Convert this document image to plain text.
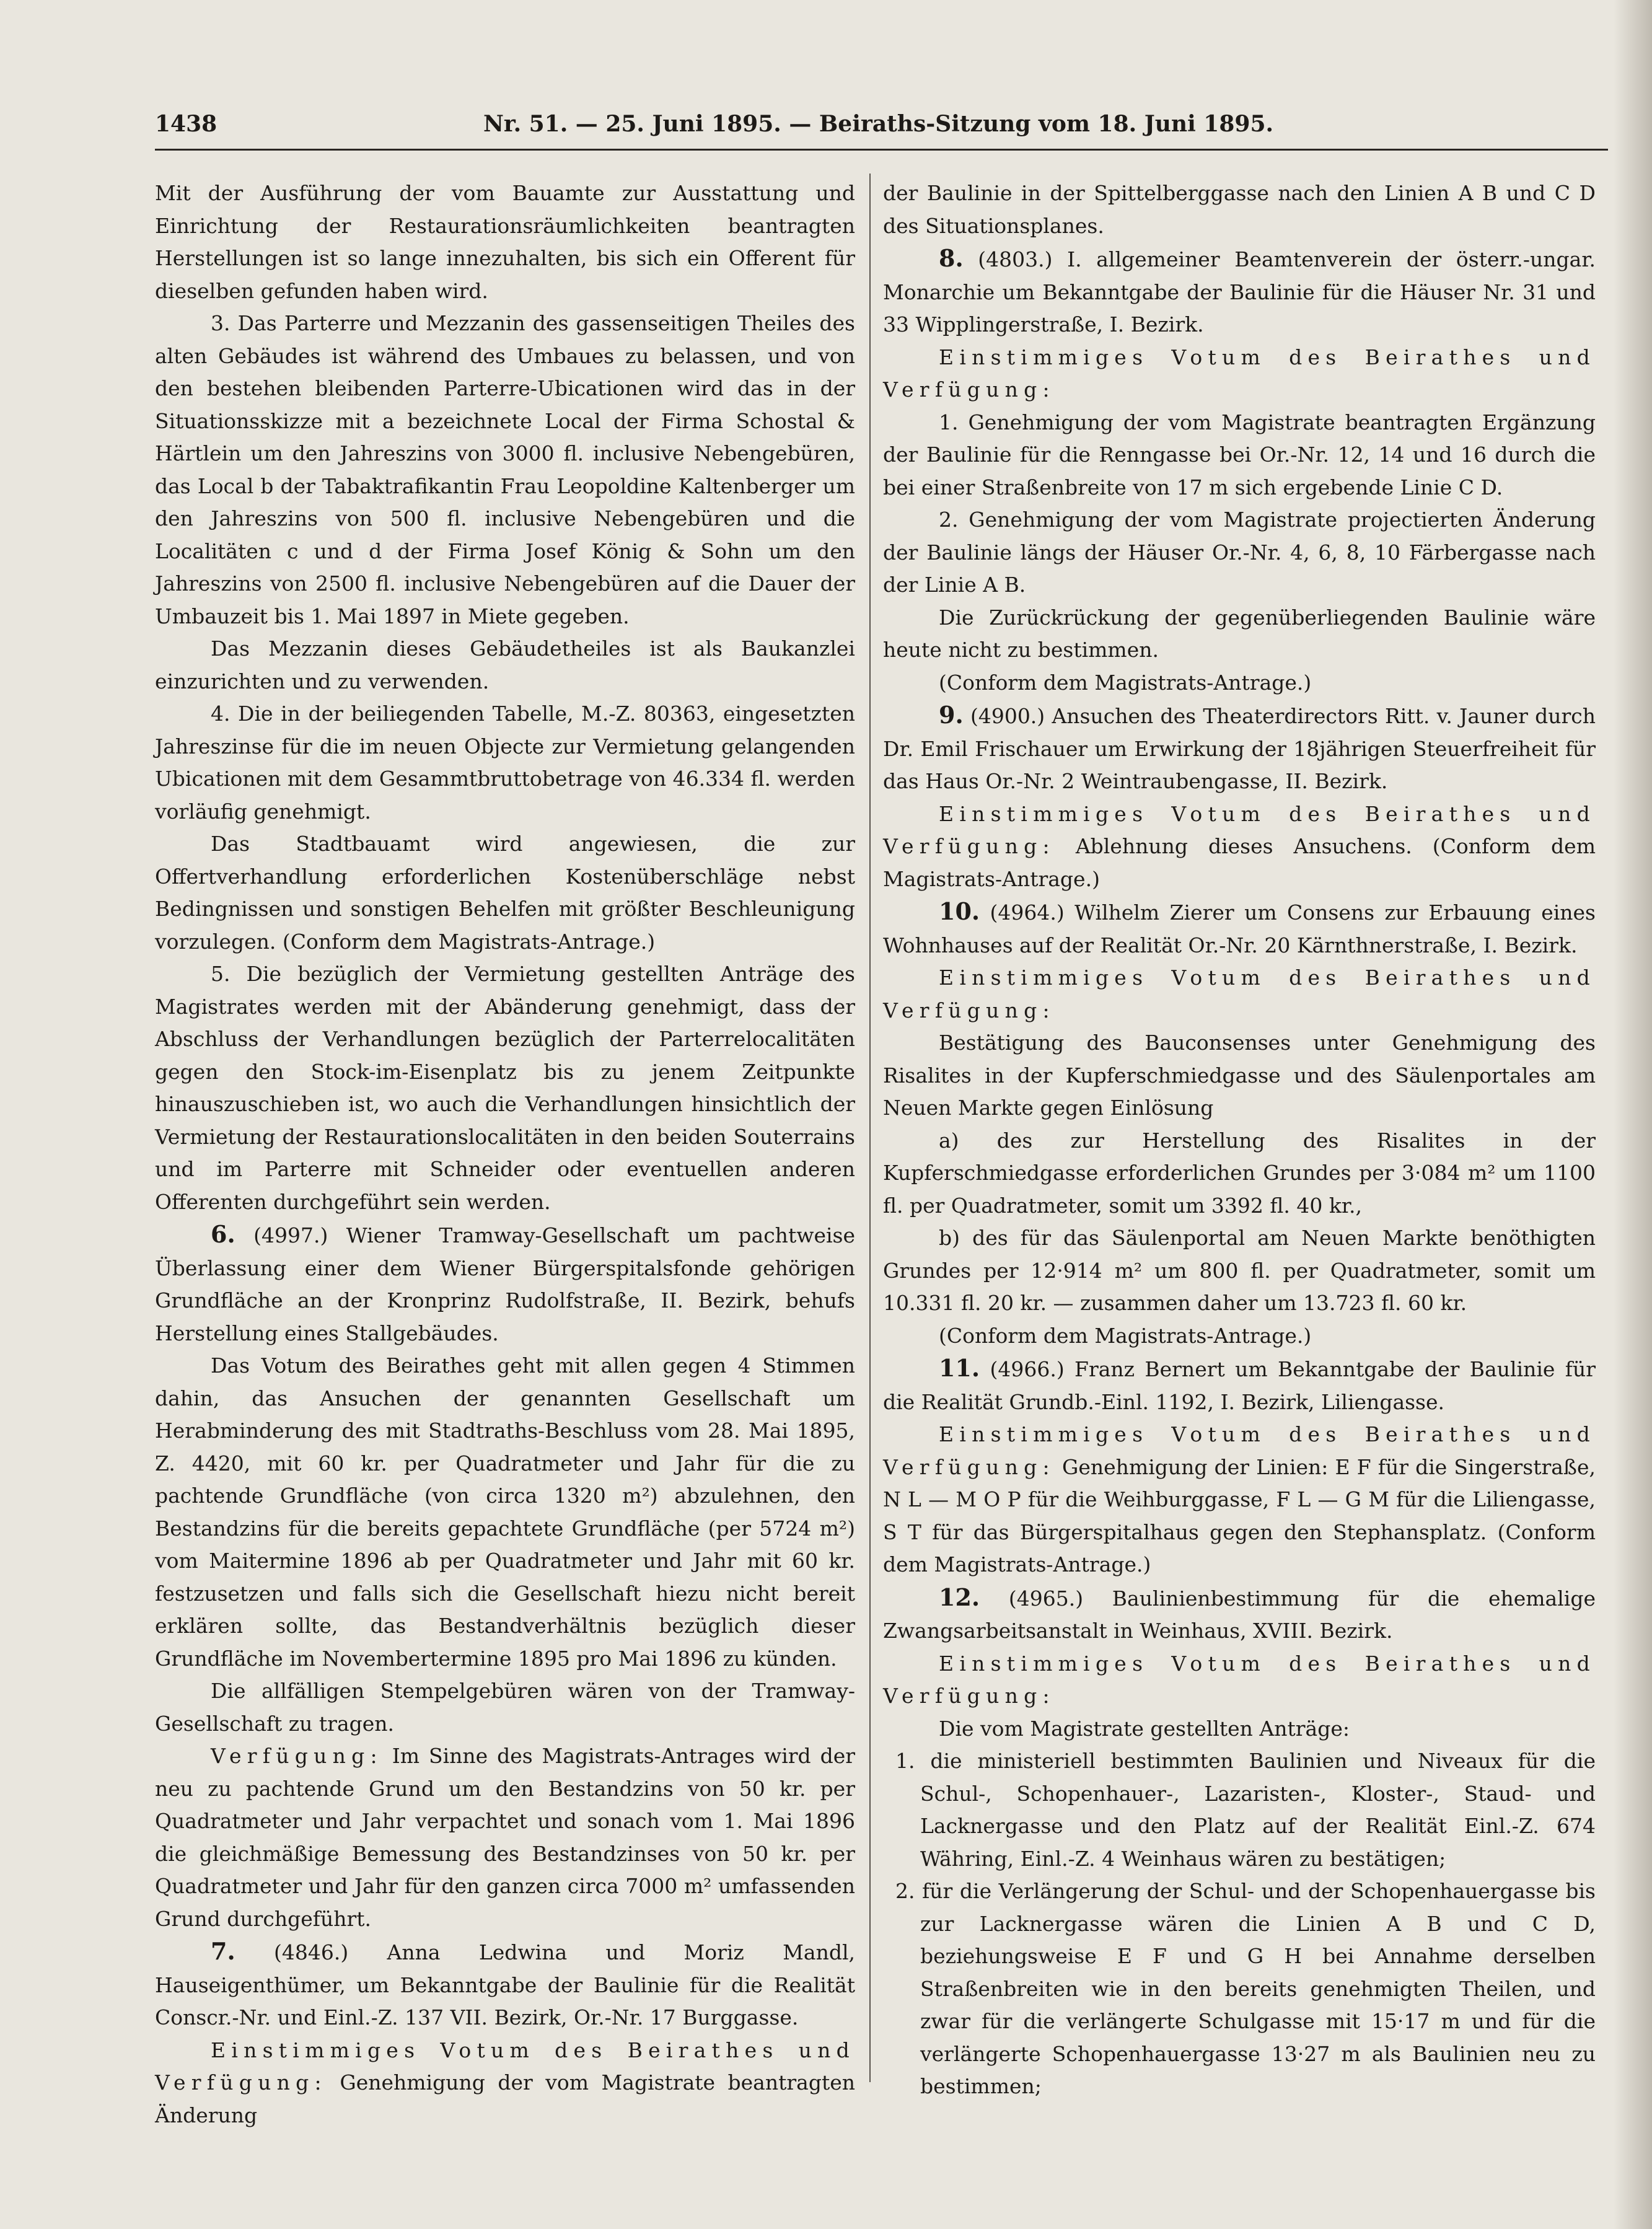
1438	Nr. 51. — 25. Juni 1895. — Beiraths-Sitzung vom 18. Juni 1895.

Mit der Ausführung der vom Bauamte zur Ausstattung und Einrichtung der Restaurationsräumlichkeiten beantragten Herstellungen ist so lange innezuhalten, bis sich ein Offerent für dieselben gefunden haben wird.

3. Das Parterre und Mezzanin des gassenseitigen Theiles des alten Gebäudes ist während des Umbaues zu belassen, und von den bestehen bleibenden Parterre-Ubicationen wird das in der Situationsskizze mit a bezeichnete Local der Firma Schostal & Härtlein um den Jahreszins von 3000 fl. inclusive Nebengebüren, das Local b der Tabaktrafikantin Frau Leopoldine Kaltenberger um den Jahreszins von 500 fl. inclusive Nebengebüren und die Localitäten c und d der Firma Josef König & Sohn um den Jahreszins von 2500 fl. inclusive Nebengebüren auf die Dauer der Umbauzeit bis 1. Mai 1897 in Miete gegeben.

Das Mezzanin dieses Gebäudetheiles ist als Baukanzlei einzurichten und zu verwenden.

4. Die in der beiliegenden Tabelle, M.-Z. 80363, eingesetzten Jahreszinse für die im neuen Objecte zur Vermietung gelangenden Ubicationen mit dem Gesammtbruttobetrage von 46.334 fl. werden vorläufig genehmigt.

Das Stadtbauamt wird angewiesen, die zur Offertverhandlung erforderlichen Kostenüberschläge nebst Bedingnissen und sonstigen Behelfen mit größter Beschleunigung vorzulegen. (Conform dem Magistrats-Antrage.)

5. Die bezüglich der Vermietung gestellten Anträge des Magistrates werden mit der Abänderung genehmigt, dass der Abschluss der Verhandlungen bezüglich der Parterrelocalitäten gegen den Stock-im-Eisenplatz bis zu jenem Zeitpunkte hinauszuschieben ist, wo auch die Verhandlungen hinsichtlich der Vermietung der Restaurationslocalitäten in den beiden Souterrains und im Parterre mit Schneider oder eventuellen anderen Offerenten durchgeführt sein werden.

6. (4997.) Wiener Tramway-Gesellschaft um pachtweise Überlassung einer dem Wiener Bürgerspitalsfonde gehörigen Grundfläche an der Kronprinz Rudolfstraße, II. Bezirk, behufs Herstellung eines Stallgebäudes.

Das Votum des Beirathes geht mit allen gegen 4 Stimmen dahin, das Ansuchen der genannten Gesellschaft um Herabminderung des mit Stadtraths-Beschluss vom 28. Mai 1895, Z. 4420, mit 60 kr. per Quadratmeter und Jahr für die zu pachtende Grundfläche (von circa 1320 m²) abzulehnen, den Bestandzins für die bereits gepachtete Grundfläche (per 5724 m²) vom Maitermine 1896 ab per Quadratmeter und Jahr mit 60 kr. festzusetzen und falls sich die Gesellschaft hiezu nicht bereit erklären sollte, das Bestandverhältnis bezüglich dieser Grundfläche im Novembertermine 1895 pro Mai 1896 zu künden.

Die allfälligen Stempelgebüren wären von der Tramway-Gesellschaft zu tragen.

Verfügung: Im Sinne des Magistrats-Antrages wird der neu zu pachtende Grund um den Bestandzins von 50 kr. per Quadratmeter und Jahr verpachtet und sonach vom 1. Mai 1896 die gleichmäßige Bemessung des Bestandzinses von 50 kr. per Quadratmeter und Jahr für den ganzen circa 7000 m² umfassenden Grund durchgeführt.

7. (4846.) Anna Ledwina und Moriz Mandl, Hauseigenthümer, um Bekanntgabe der Baulinie für die Realität Conscr.-Nr. und Einl.-Z. 137 VII. Bezirk, Or.-Nr. 17 Burggasse.

Einstimmiges Votum des Beirathes und Verfügung: Genehmigung der vom Magistrate beantragten Änderung

der Baulinie in der Spittelberggasse nach den Linien A B und C D des Situationsplanes.

8. (4803.) I. allgemeiner Beamtenverein der österr.-ungar. Monarchie um Bekanntgabe der Baulinie für die Häuser Nr. 31 und 33 Wipplingerstraße, I. Bezirk.

Einstimmiges Votum des Beirathes und Verfügung:

1. Genehmigung der vom Magistrate beantragten Ergänzung der Baulinie für die Renngasse bei Or.-Nr. 12, 14 und 16 durch die bei einer Straßenbreite von 17 m sich ergebende Linie C D.

2. Genehmigung der vom Magistrate projectierten Änderung der Baulinie längs der Häuser Or.-Nr. 4, 6, 8, 10 Färbergasse nach der Linie A B.

Die Zurückrückung der gegenüberliegenden Baulinie wäre heute nicht zu bestimmen.

(Conform dem Magistrats-Antrage.)

9. (4900.) Ansuchen des Theaterdirectors Ritt. v. Jauner durch Dr. Emil Frischauer um Erwirkung der 18jährigen Steuerfreiheit für das Haus Or.-Nr. 2 Weintraubengasse, II. Bezirk.

Einstimmiges Votum des Beirathes und Verfügung: Ablehnung dieses Ansuchens. (Conform dem Magistrats-Antrage.)

10. (4964.) Wilhelm Zierer um Consens zur Erbauung eines Wohnhauses auf der Realität Or.-Nr. 20 Kärnthnerstraße, I. Bezirk.

Einstimmiges Votum des Beirathes und Verfügung:

Bestätigung des Bauconsenses unter Genehmigung des Risalites in der Kupferschmiedgasse und des Säulenportales am Neuen Markte gegen Einlösung

a) des zur Herstellung des Risalites in der Kupferschmiedgasse erforderlichen Grundes per 3·084 m² um 1100 fl. per Quadratmeter, somit um 3392 fl. 40 kr.,

b) des für das Säulenportal am Neuen Markte benöthigten Grundes per 12·914 m² um 800 fl. per Quadratmeter, somit um 10.331 fl. 20 kr. — zusammen daher um 13.723 fl. 60 kr.

(Conform dem Magistrats-Antrage.)

11. (4966.) Franz Bernert um Bekanntgabe der Baulinie für die Realität Grundb.-Einl. 1192, I. Bezirk, Liliengasse.

Einstimmiges Votum des Beirathes und Verfügung: Genehmigung der Linien: E F für die Singerstraße, N L — M O P für die Weihburggasse, F L — G M für die Liliengasse, S T für das Bürgerspitalhaus gegen den Stephansplatz. (Conform dem Magistrats-Antrage.)

12. (4965.) Baulinienbestimmung für die ehemalige Zwangsarbeitsanstalt in Weinhaus, XVIII. Bezirk.

Einstimmiges Votum des Beirathes und Verfügung:

Die vom Magistrate gestellten Anträge:

1. die ministeriell bestimmten Baulinien und Niveaux für die Schul-, Schopenhauer-, Lazaristen-, Kloster-, Staud- und Lacknergasse und den Platz auf der Realität Einl.-Z. 674 Währing, Einl.-Z. 4 Weinhaus wären zu bestätigen;

2. für die Verlängerung der Schul- und der Schopenhauergasse bis zur Lacknergasse wären die Linien A B und C D, beziehungsweise E F und G H bei Annahme derselben Straßenbreiten wie in den bereits genehmigten Theilen, und zwar für die verlängerte Schulgasse mit 15·17 m und für die verlängerte Schopenhauergasse 13·27 m als Baulinien neu zu bestimmen;
